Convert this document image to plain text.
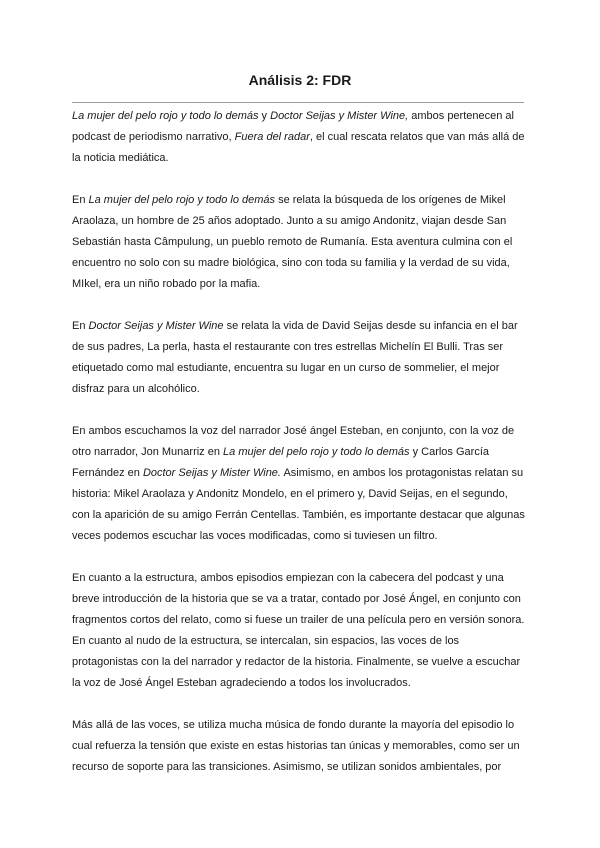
Análisis 2: FDR

La mujer del pelo rojo y todo lo demás y Doctor Seijas y Mister Wine, ambos pertenecen al podcast de periodismo narrativo, Fuera del radar, el cual rescata relatos que van más allá de la noticia mediática.

En La mujer del pelo rojo y todo lo demás se relata la búsqueda de los orígenes de Mikel Araolaza, un hombre de 25 años adoptado. Junto a su amigo Andonitz, viajan desde San Sebastián hasta Câmpulung, un pueblo remoto de Rumanía. Esta aventura culmina con el encuentro no solo con su madre biológica, sino con toda su familia y la verdad de su vida, MIkel, era un niño robado por la mafia.

En Doctor Seijas y Mister Wine se relata la vida de David Seijas desde su infancia en el bar de sus padres, La perla, hasta el restaurante con tres estrellas Michelín El Bulli. Tras ser etiquetado como mal estudiante, encuentra su lugar en un curso de sommelier, el mejor disfraz para un alcohólico.

En ambos escuchamos la voz del narrador José ángel Esteban, en conjunto, con la voz de otro narrador, Jon Munarriz en La mujer del pelo rojo y todo lo demás y Carlos García Fernández en Doctor Seijas y Mister Wine. Asimismo, en ambos los protagonistas relatan su historia: Mikel Araolaza y Andonitz Mondelo, en el primero y, David Seijas, en el segundo, con la aparición de su amigo Ferrán Centellas. También, es importante destacar que algunas veces podemos escuchar las voces modificadas, como si tuviesen un filtro.

En cuanto a la estructura, ambos episodios empiezan con la cabecera del podcast y una breve introducción de la historia que se va a tratar, contado por José Ángel, en conjunto con fragmentos cortos del relato, como si fuese un trailer de una película pero en versión sonora. En cuanto al nudo de la estructura, se intercalan, sin espacios, las voces de los protagonistas con la del narrador y redactor de la historia. Finalmente, se vuelve a escuchar la voz de José Ángel Esteban agradeciendo a todos los involucrados.

Más allá de las voces, se utiliza mucha música de fondo durante la mayoría del episodio lo cual refuerza la tensión que existe en estas historias tan únicas y memorables, como ser un recurso de soporte para las transiciones. Asimismo, se utilizan sonidos ambientales, por
